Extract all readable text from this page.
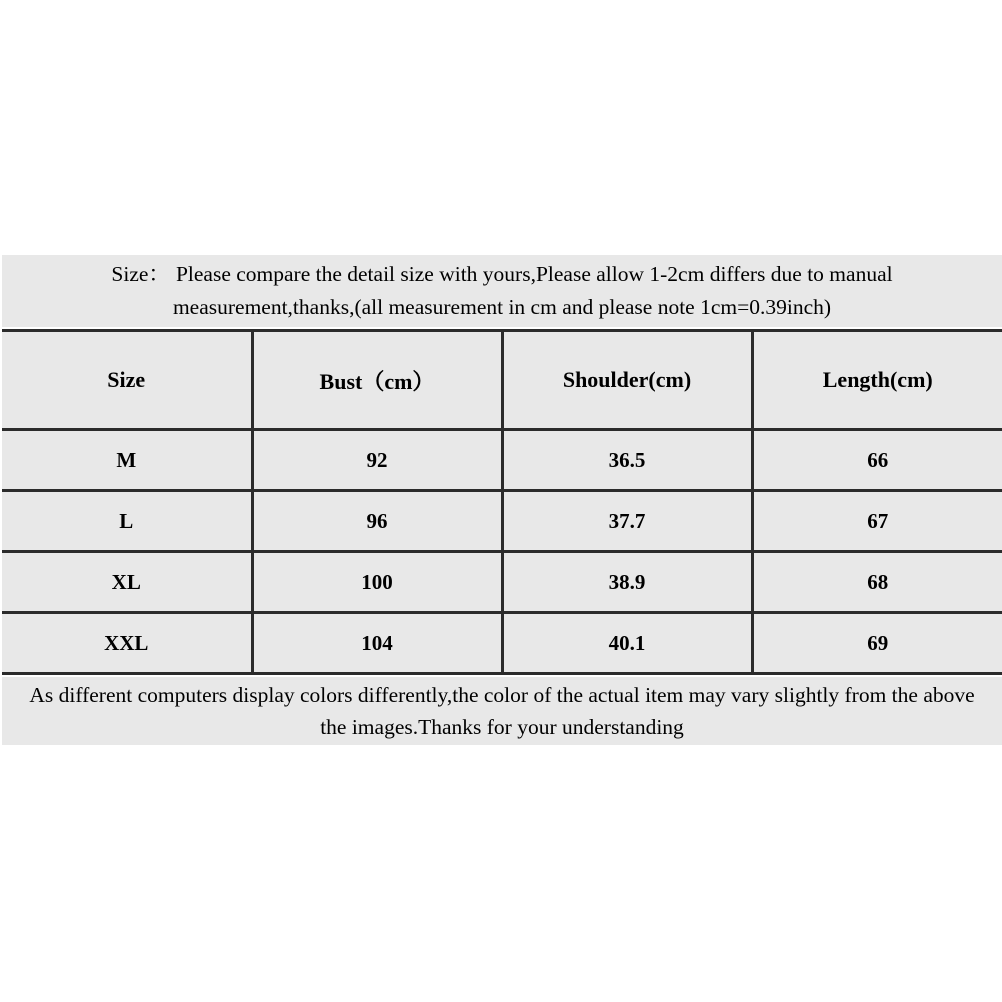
Size： Please compare the detail size with yours,Please allow 1-2cm differs due to manual
measurement,thanks,(all measurement in cm and please note 1cm=0.39inch)
Size	Bust（cm）	Shoulder(cm)	Length(cm)
M	92	36.5	66
L	96	37.7	67
XL	100	38.9	68
XXL	104	40.1	69
As different computers display colors differently,the color of the actual item may vary slightly from the above
the images.Thanks for your understanding
